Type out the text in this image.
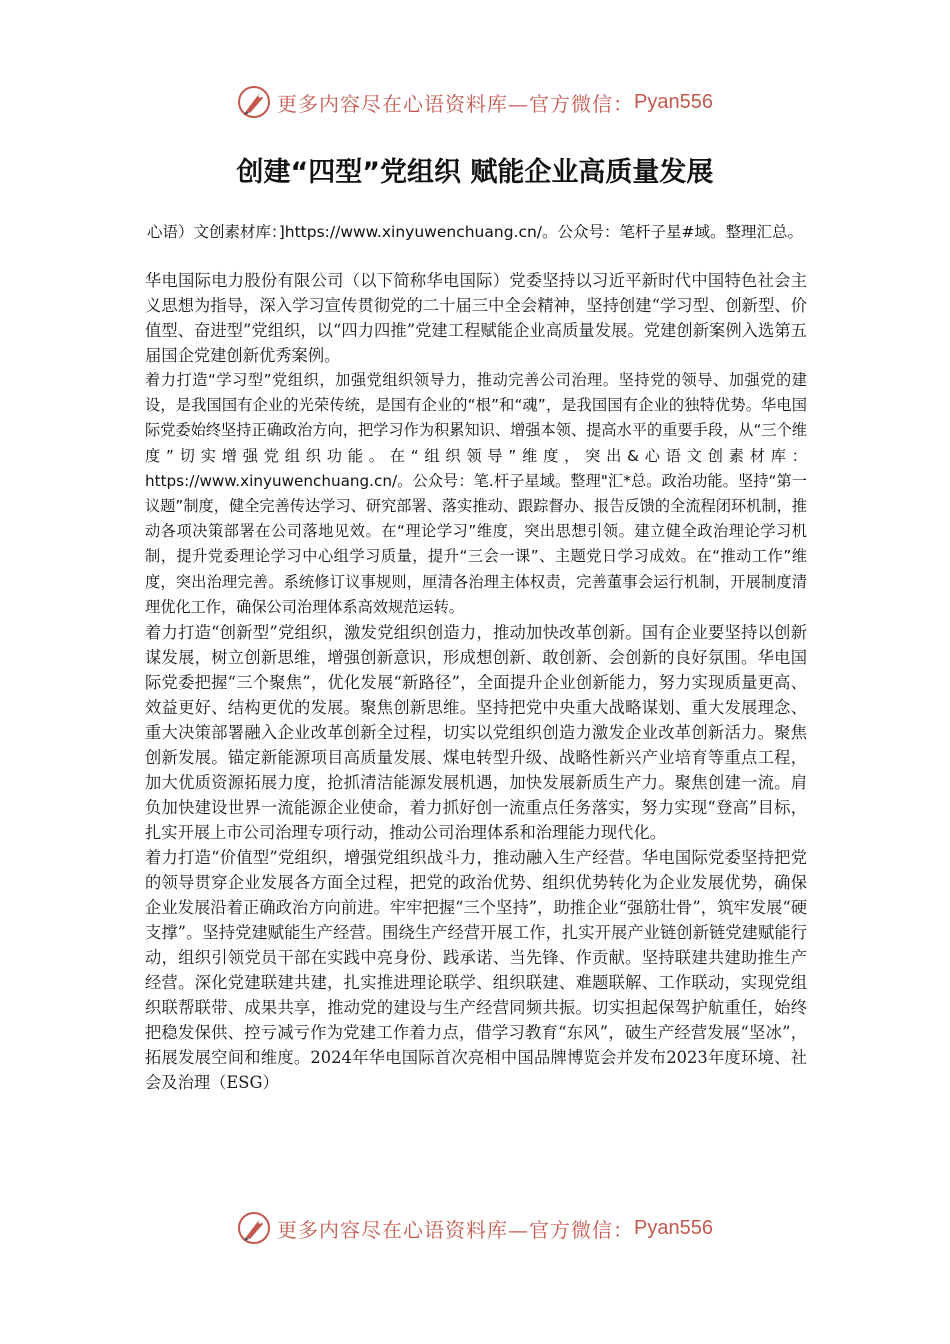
更多内容尽在心语资料库—官方微信： Pyan556
创建“四型”党组织 赋能企业高质量发展
心语）文创素材库：]https://www.xinyuwenchuang.cn/。公众号：笔杆子星#域。整理汇总。

华电国际电力股份有限公司（以下简称华电国际）党委坚持以习近平新时代中国特色社会主义思想为指导，深入学习宣传贯彻党的二十届三中全会精神，坚持创建“学习型、创新型、价值型、奋进型”党组织，以“四力四推”党建工程赋能企业高质量发展。党建创新案例入选第五届国企党建创新优秀案例。

着力打造“学习型”党组织，加强党组织领导力，推动完善公司治理。坚持党的领导、加强党的建设，是我国国有企业的光荣传统，是国有企业的“根”和“魂”，是我国国有企业的独特优势。华电国际党委始终坚持正确政治方向，把学习作为积累知识、增强本领、提高水平的重要手段，从“三个维度”切实增强党组织功能。在“组织领导”维度，突出&心语文创素材库：https://www.xinyuwenchuang.cn/。公众号：笔.杆子星域。整理"汇*总。政治功能。坚持“第一议题”制度，健全完善传达学习、研究部署、落实推动、跟踪督办、报告反馈的全流程闭环机制，推动各项决策部署在公司落地见效。在“理论学习”维度，突出思想引领。建立健全政治理论学习机制，提升党委理论学习中心组学习质量，提升“三会一课”、主题党日学习成效。在“推动工作”维度，突出治理完善。系统修订议事规则，厘清各治理主体权责，完善董事会运行机制，开展制度清理优化工作，确保公司治理体系高效规范运转。

着力打造“创新型”党组织，激发党组织创造力，推动加快改革创新。国有企业要坚持以创新谋发展，树立创新思维，增强创新意识，形成想创新、敢创新、会创新的良好氛围。华电国际党委把握“三个聚焦”，优化发展“新路径”，全面提升企业创新能力，努力实现质量更高、效益更好、结构更优的发展。聚焦创新思维。坚持把党中央重大战略谋划、重大发展理念、重大决策部署融入企业改革创新全过程，切实以党组织创造力激发企业改革创新活力。聚焦创新发展。锚定新能源项目高质量发展、煤电转型升级、战略性新兴产业培育等重点工程，加大优质资源拓展力度，抢抓清洁能源发展机遇，加快发展新质生产力。聚焦创建一流。肩负加快建设世界一流能源企业使命，着力抓好创一流重点任务落实，努力实现“登高”目标，扎实开展上市公司治理专项行动，推动公司治理体系和治理能力现代化。

着力打造“价值型”党组织，增强党组织战斗力，推动融入生产经营。华电国际党委坚持把党的领导贯穿企业发展各方面全过程，把党的政治优势、组织优势转化为企业发展优势，确保企业发展沿着正确政治方向前进。牢牢把握“三个坚持”，助推企业“强筋壮骨”，筑牢发展“硬支撑”。坚持党建赋能生产经营。围绕生产经营开展工作，扎实开展产业链创新链党建赋能行动，组织引领党员干部在实践中亮身份、践承诺、当先锋、作贡献。坚持联建共建助推生产经营。深化党建联建共建，扎实推进理论联学、组织联建、难题联解、工作联动，实现党组织联帮联带、成果共享，推动党的建设与生产经营同频共振。切实担起保驾护航重任，始终把稳发保供、控亏减亏作为党建工作着力点，借学习教育“东风”，破生产经营发展“坚冰”，拓展发展空间和维度。2024年华电国际首次亮相中国品牌博览会并发布2023年度环境、社会及治理（ESG）

更多内容尽在心语资料库—官方微信： Pyan556
